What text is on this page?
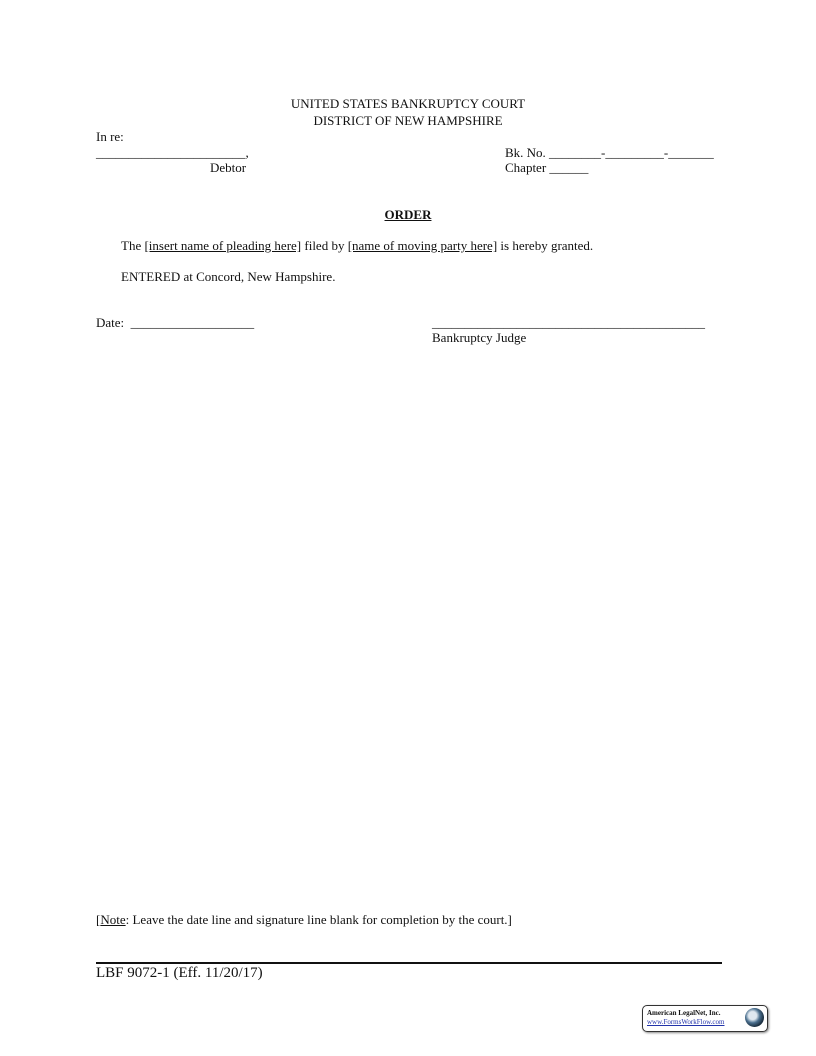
UNITED STATES BANKRUPTCY COURT
DISTRICT OF NEW HAMPSHIRE
In re:
_______________________,
Debtor
Bk. No. ________-_________-_______
Chapter ______
ORDER
The [insert name of pleading here] filed by [name of moving party here] is hereby granted.
ENTERED at Concord, New Hampshire.
Date:  ___________________	__________________________________________
Bankruptcy Judge
[Note: Leave the date line and signature line blank for completion by the court.]
LBF 9072-1 (Eff. 11/20/17)
American LegalNet, Inc.
www.FormsWorkFlow.com
